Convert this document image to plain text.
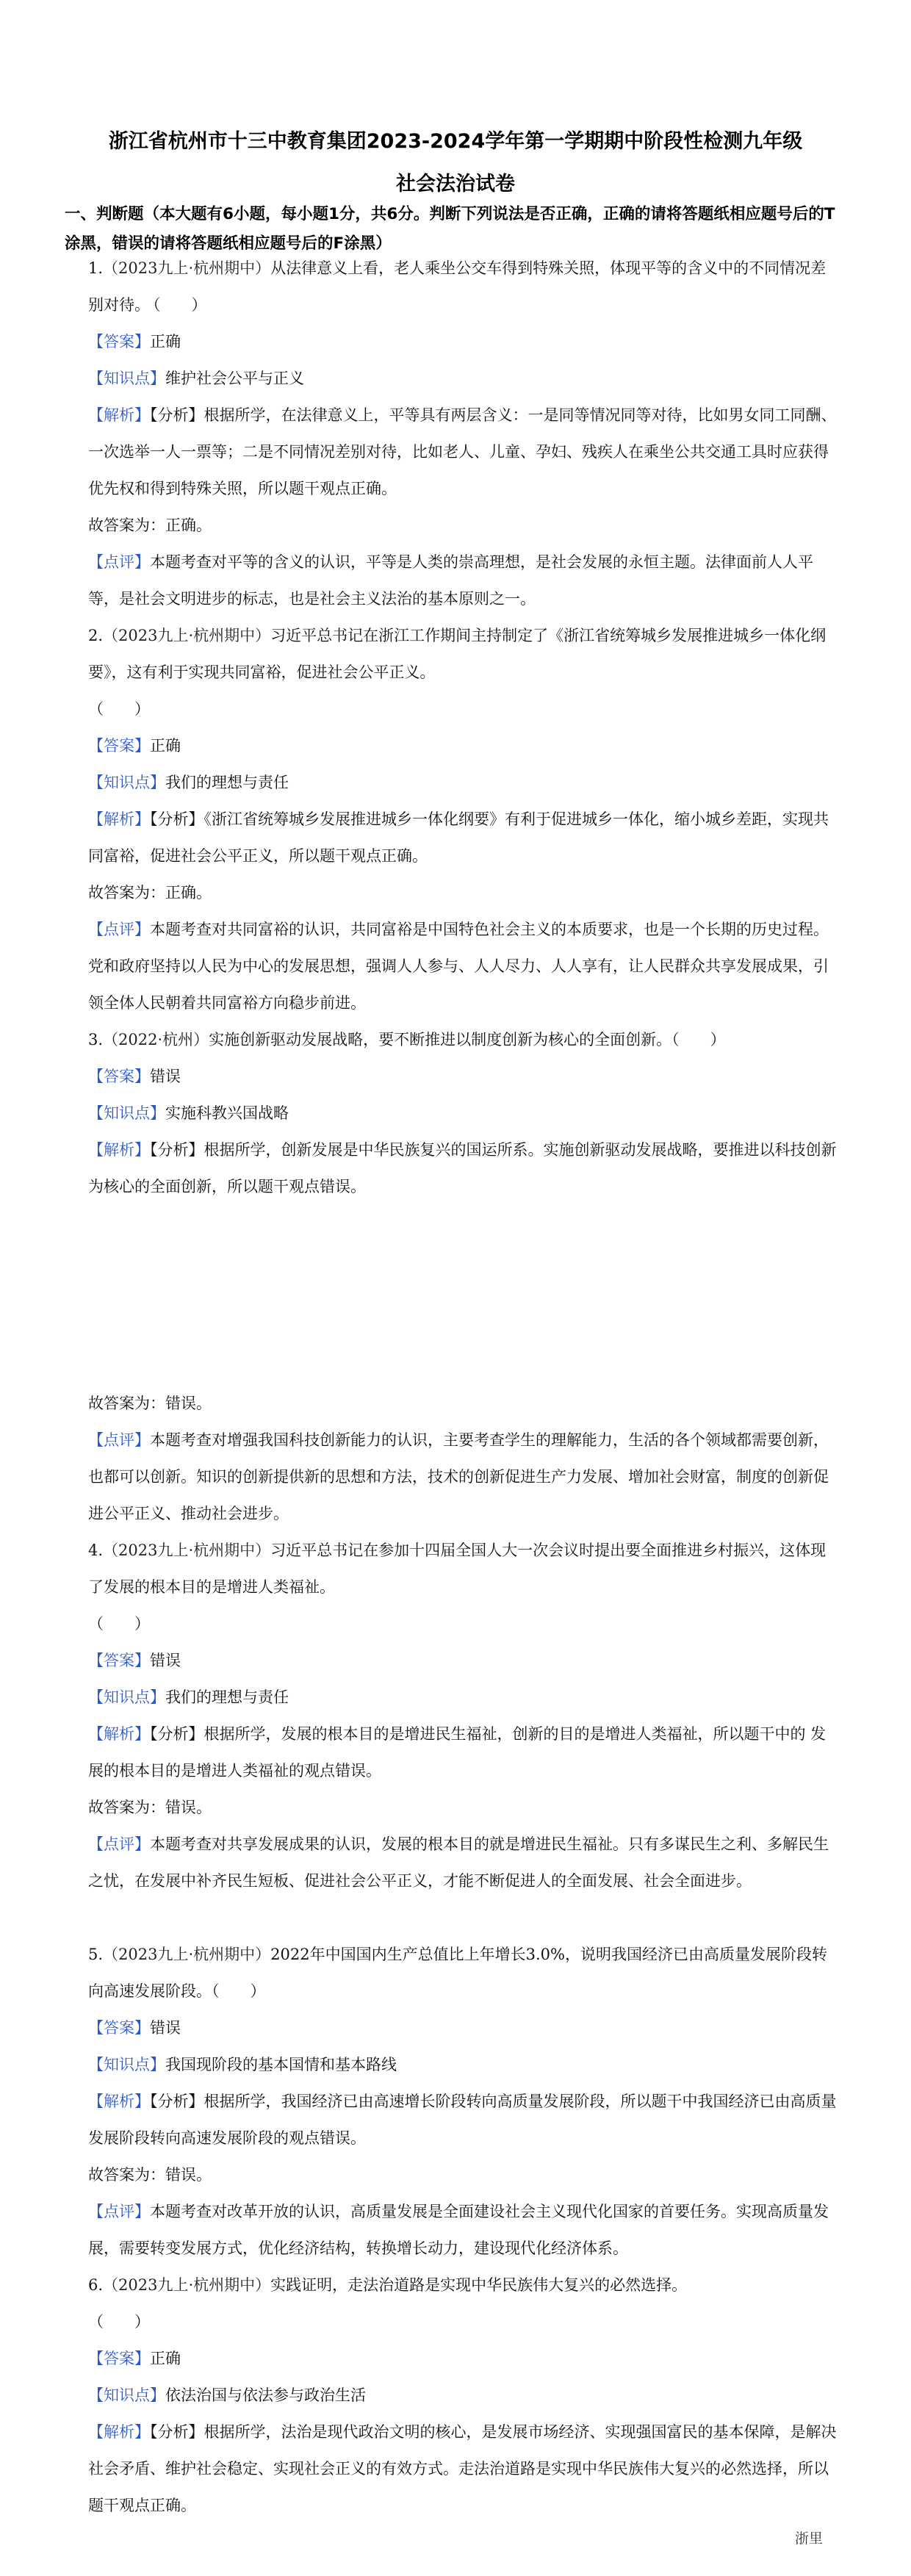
浙江省杭州市十三中教育集团2023-2024学年第一学期期中阶段性检测九年级
社会法治试卷
一、判断题（本大题有6小题，每小题1分，共6分。判断下列说法是否正确，正确的请将答题纸相应题号后的T涂黑，错误的请将答题纸相应题号后的F涂黑）
1.（2023九上·杭州期中）从法律意义上看，老人乘坐公交车得到特殊关照，体现平等的含义中的不同情况差别对待。 （　　）
【答案】正确
【知识点】维护社会公平与正义
【解析】【分析】根据所学，在法律意义上，平等具有两层含义：一是同等情况同等对待，比如男女同工同酬、一次选举一人一票等；二是不同情况差别对待，比如老人、儿童、孕妇、残疾人在乘坐公共交通工具时应获得优先权和得到特殊关照，所以题干观点正确。
故答案为：正确。
【点评】本题考查对平等的含义的认识，平等是人类的崇高理想，是社会发展的永恒主题。法律面前人人平等，是社会文明进步的标志，也是社会主义法治的基本原则之一。
2.（2023九上·杭州期中）习近平总书记在浙江工作期间主持制定了《浙江省统筹城乡发展推进城乡一体化纲要》，这有利于实现共同富裕，促进社会公平正义。
（　　）
【答案】正确
【知识点】我们的理想与责任
【解析】【分析】《浙江省统筹城乡发展推进城乡一体化纲要》有利于促进城乡一体化，缩小城乡差距，实现共同富裕，促进社会公平正义，所以题干观点正确。
故答案为：正确。
【点评】本题考查对共同富裕的认识，共同富裕是中国特色社会主义的本质要求，也是一个长期的历史过程。党和政府坚持以人民为中心的发展思想，强调人人参与、人人尽力、人人享有，让人民群众共享发展成果，引领全体人民朝着共同富裕方向稳步前进。
3.（2022·杭州）实施创新驱动发展战略，要不断推进以制度创新为核心的全面创新。（　　）
【答案】错误
【知识点】实施科教兴国战略
【解析】【分析】根据所学，创新发展是中华民族复兴的国运所系。实施创新驱动发展战略，要推进以科技创新为核心的全面创新，所以题干观点错误。
故答案为：错误。
【点评】本题考查对增强我国科技创新能力的认识，主要考查学生的理解能力，生活的各个领域都需要创新，也都可以创新。知识的创新提供新的思想和方法，技术的创新促进生产力发展、增加社会财富，制度的创新促进公平正义、推动社会进步。
4.（2023九上·杭州期中）习近平总书记在参加十四届全国人大一次会议时提出要全面推进乡村振兴，这体现了发展的根本目的是增进人类福祉。
（　　）
【答案】错误
【知识点】我们的理想与责任
【解析】【分析】根据所学，发展的根本目的是增进民生福祉，创新的目的是增进人类福祉，所以题干中的 发展的根本目的是增进人类福祉的观点错误。
故答案为：错误。
【点评】本题考查对共享发展成果的认识，发展的根本目的就是增进民生福祉。只有多谋民生之利、多解民生之忧，在发展中补齐民生短板、促进社会公平正义，才能不断促进人的全面发展、社会全面进步。
5.（2023九上·杭州期中）2022年中国国内生产总值比上年增长3.0%，说明我国经济已由高质量发展阶段转向高速发展阶段。（　　）
【答案】错误
【知识点】我国现阶段的基本国情和基本路线
【解析】【分析】根据所学，我国经济已由高速增长阶段转向高质量发展阶段，所以题干中我国经济已由高质量发展阶段转向高速发展阶段的观点错误。
故答案为：错误。
【点评】本题考查对改革开放的认识，高质量发展是全面建设社会主义现代化国家的首要任务。实现高质量发展，需要转变发展方式，优化经济结构，转换增长动力，建设现代化经济体系。
6.（2023九上·杭州期中）实践证明，走法治道路是实现中华民族伟大复兴的必然选择。
（　　）
【答案】正确
【知识点】依法治国与依法参与政治生活
【解析】【分析】根据所学，法治是现代政治文明的核心，是发展市场经济、实现强国富民的基本保障，是解决社会矛盾、维护社会稳定、实现社会正义的有效方式。走法治道路是实现中华民族伟大复兴的必然选择，所以题干观点正确。
浙里
